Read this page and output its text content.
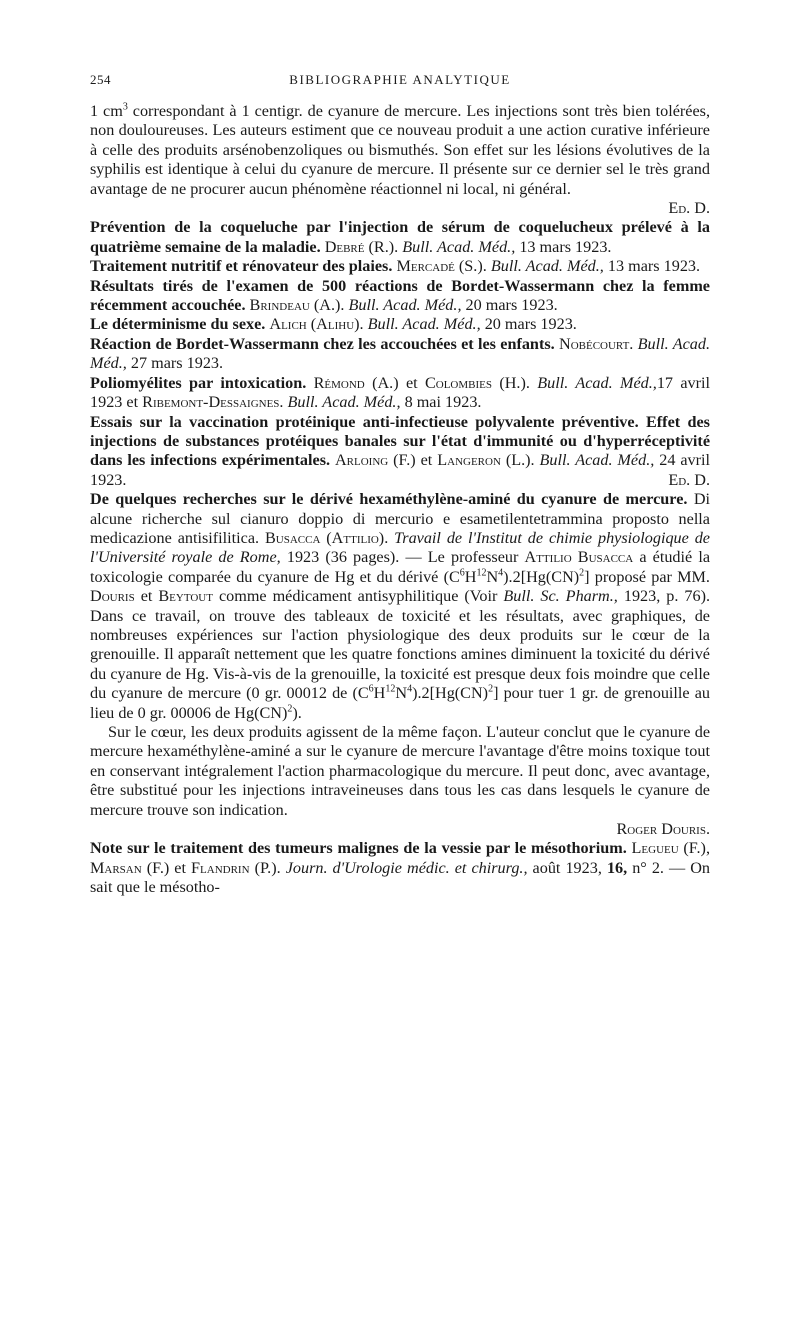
254	BIBLIOGRAPHIE ANALYTIQUE

1 $cm^3$ correspondant à 1 centigr. de cyanure de mercure. Les injections sont très bien tolérées, non douloureuses. Les auteurs estiment que ce nouveau produit a une action curative inférieure à celle des produits arsénobenzoliques ou bismuthés. Son effet sur les lésions évolutives de la syphilis est identique à celui du cyanure de mercure. Il présente sur ce dernier sel le très grand avantage de ne procurer aucun phénomène réactionnel ni local, ni général.
Ed. D.

Prévention de la coqueluche par l'injection de sérum de coquelucheux prélevé à la quatrième semaine de la maladie. Debré (R.). Bull. Acad. Méd., 13 mars 1923.

Traitement nutritif et rénovateur des plaies. Mercadé (S.). Bull. Acad. Méd., 13 mars 1923.

Résultats tirés de l'examen de 500 réactions de Bordet-Wassermann chez la femme récemment accouchée. Brindeau (A.). Bull. Acad. Méd., 20 mars 1923.

Le déterminisme du sexe. Alich (Alihu). Bull. Acad. Méd., 20 mars 1923.

Réaction de Bordet-Wassermann chez les accouchées et les enfants. Nobécourt. Bull. Acad. Méd., 27 mars 1923.

Poliomyélites par intoxication. Rémond (A.) et Colombies (H.). Bull. Acad. Méd.,17 avril 1923 et Ribemont-Dessaignes. Bull. Acad. Méd., 8 mai 1923.

Essais sur la vaccination protéinique anti-infectieuse polyvalente préventive. Effet des injections de substances protéiques banales sur l'état d'immunité ou d'hyperréceptivité dans les infections expérimentales. Arloing (F.) et Langeron (L.). Bull. Acad. Méd., 24 avril 1923.	Ed. D.

De quelques recherches sur le dérivé hexaméthylène-aminé du cyanure de mercure. Di alcune richerche sul cianuro doppio di mercurio e esametilentetrammina proposto nella medicazione antisifilitica. Busacca (Attilio). Travail de l'Institut de chimie physiologique de l'Université royale de Rome, 1923 (36 pages). — Le professeur Attilio Busacca a étudié la toxicologie comparée du cyanure de Hg et du dérivé $(C^6H^{12}N^4).2[Hg(CN)^2]$ proposé par MM. Douris et Beytout comme médicament antisyphilitique (Voir Bull. Sc. Pharm., 1923, p. 76). Dans ce travail, on trouve des tableaux de toxicité et les résultats, avec graphiques, de nombreuses expériences sur l'action physiologique des deux produits sur le cœur de la grenouille. Il apparaît nettement que les quatre fonctions amines diminuent la toxicité du dérivé du cyanure de Hg. Vis-à-vis de la grenouille, la toxicité est presque deux fois moindre que celle du cyanure de mercure (0 gr. 00012 de $(C^6H^{12}N^4).2[Hg(CN)^2]$ pour tuer 1 gr. de grenouille au lieu de 0 gr. 00006 de Hg(CN)$^2$).

Sur le cœur, les deux produits agissent de la même façon. L'auteur conclut que le cyanure de mercure hexaméthylène-aminé a sur le cyanure de mercure l'avantage d'être moins toxique tout en conservant intégralement l'action pharmacologique du mercure. Il peut donc, avec avantage, être substitué pour les injections intraveineuses dans tous les cas dans lesquels le cyanure de mercure trouve son indication.
Roger Douris.

Note sur le traitement des tumeurs malignes de la vessie par le mésothorium. Legueu (F.), Marsan (F.) et Flandrin (P.). Journ. d'Urologie médic. et chirurg., août 1923, 16, n° 2. — On sait que le mésotho-
